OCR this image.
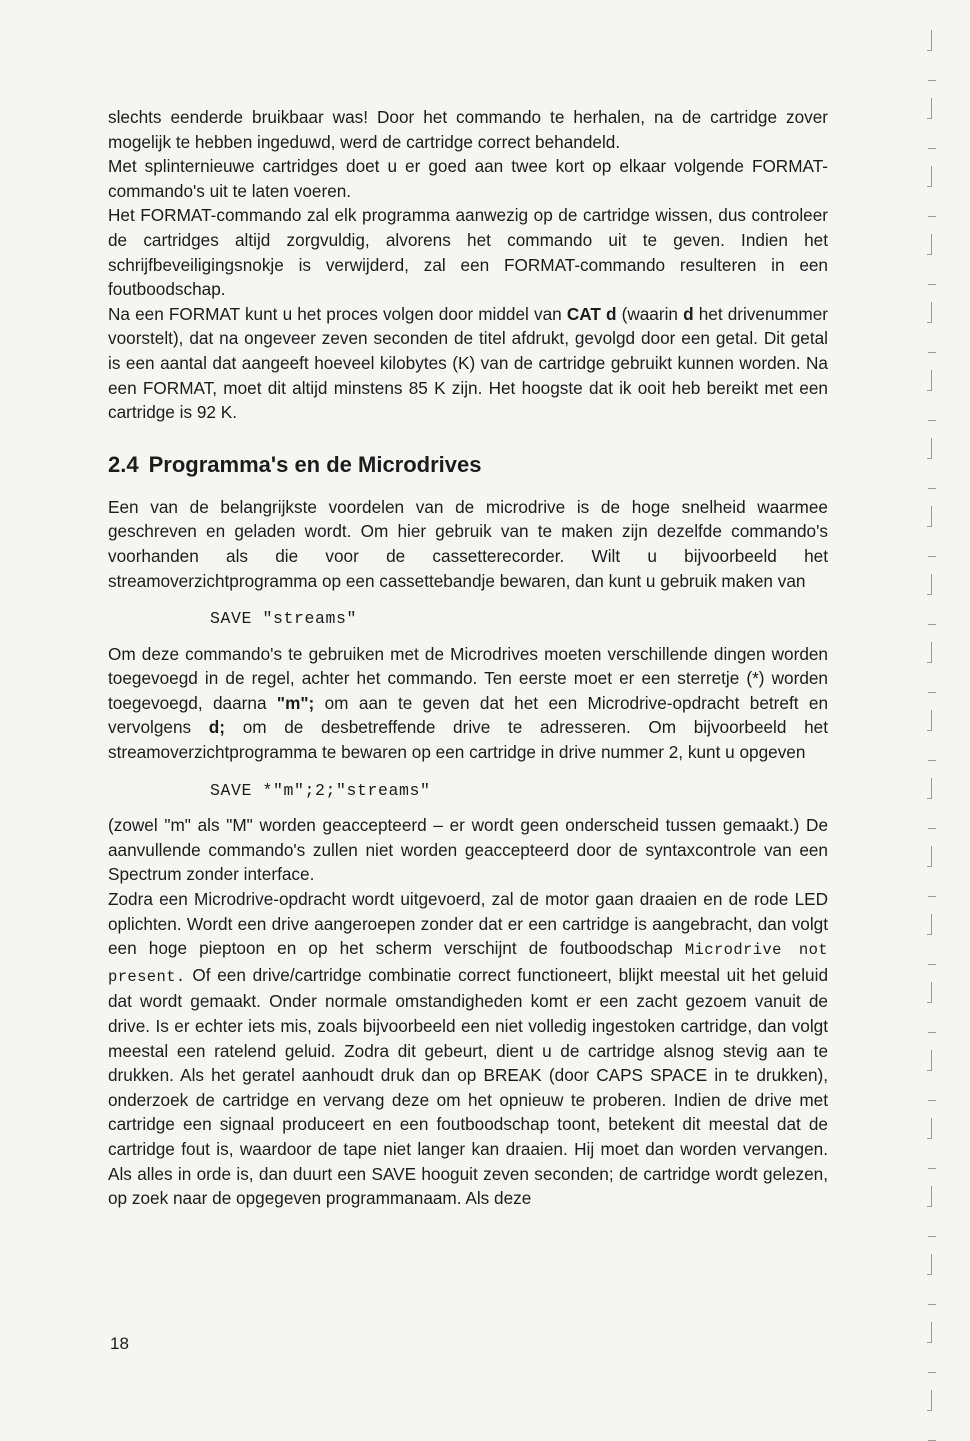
slechts eenderde bruikbaar was! Door het commando te herhalen, na de cartridge zover mogelijk te hebben ingeduwd, werd de cartridge correct behandeld.

Met splinternieuwe cartridges doet u er goed aan twee kort op elkaar volgende FORMAT-commando's uit te laten voeren.

Het FORMAT-commando zal elk programma aanwezig op de cartridge wissen, dus controleer de cartridges altijd zorgvuldig, alvorens het commando uit te geven. Indien het schrijfbeveiligingsnokje is verwijderd, zal een FORMAT-commando resulteren in een foutboodschap.

Na een FORMAT kunt u het proces volgen door middel van CAT d (waarin d het drivenummer voorstelt), dat na ongeveer zeven seconden de titel afdrukt, gevolgd door een getal. Dit getal is een aantal dat aangeeft hoeveel kilobytes (K) van de cartridge gebruikt kunnen worden. Na een FORMAT, moet dit altijd minstens 85 K zijn. Het hoogste dat ik ooit heb bereikt met een cartridge is 92 K.

2.4 Programma's en de Microdrives

Een van de belangrijkste voordelen van de microdrive is de hoge snelheid waarmee geschreven en geladen wordt. Om hier gebruik van te maken zijn dezelfde commando's voorhanden als die voor de cassetterecorder. Wilt u bijvoorbeeld het streamoverzichtprogramma op een cassettebandje bewaren, dan kunt u gebruik maken van

SAVE "streams"

Om deze commando's te gebruiken met de Microdrives moeten verschillende dingen worden toegevoegd in de regel, achter het commando. Ten eerste moet er een sterretje (*) worden toegevoegd, daarna "m"; om aan te geven dat het een Microdrive-opdracht betreft en vervolgens d; om de desbetreffende drive te adresseren. Om bijvoorbeeld het streamoverzichtprogramma te bewaren op een cartridge in drive nummer 2, kunt u opgeven

SAVE *"m";2;"streams"

(zowel "m" als "M" worden geaccepteerd – er wordt geen onderscheid tussen gemaakt.) De aanvullende commando's zullen niet worden geaccepteerd door de syntaxcontrole van een Spectrum zonder interface.

Zodra een Microdrive-opdracht wordt uitgevoerd, zal de motor gaan draaien en de rode LED oplichten. Wordt een drive aangeroepen zonder dat er een cartridge is aangebracht, dan volgt een hoge pieptoon en op het scherm verschijnt de foutboodschap Microdrive not present. Of een drive/cartridge combinatie correct functioneert, blijkt meestal uit het geluid dat wordt gemaakt. Onder normale omstandigheden komt er een zacht gezoem vanuit de drive. Is er echter iets mis, zoals bijvoorbeeld een niet volledig ingestoken cartridge, dan volgt meestal een ratelend geluid. Zodra dit gebeurt, dient u de cartridge alsnog stevig aan te drukken. Als het geratel aanhoudt druk dan op BREAK (door CAPS SPACE in te drukken), onderzoek de cartridge en vervang deze om het opnieuw te proberen. Indien de drive met cartridge een signaal produceert en een foutboodschap toont, betekent dit meestal dat de cartridge fout is, waardoor de tape niet langer kan draaien. Hij moet dan worden vervangen. Als alles in orde is, dan duurt een SAVE hooguit zeven seconden; de cartridge wordt gelezen, op zoek naar de opgegeven programmanaam. Als deze

18
